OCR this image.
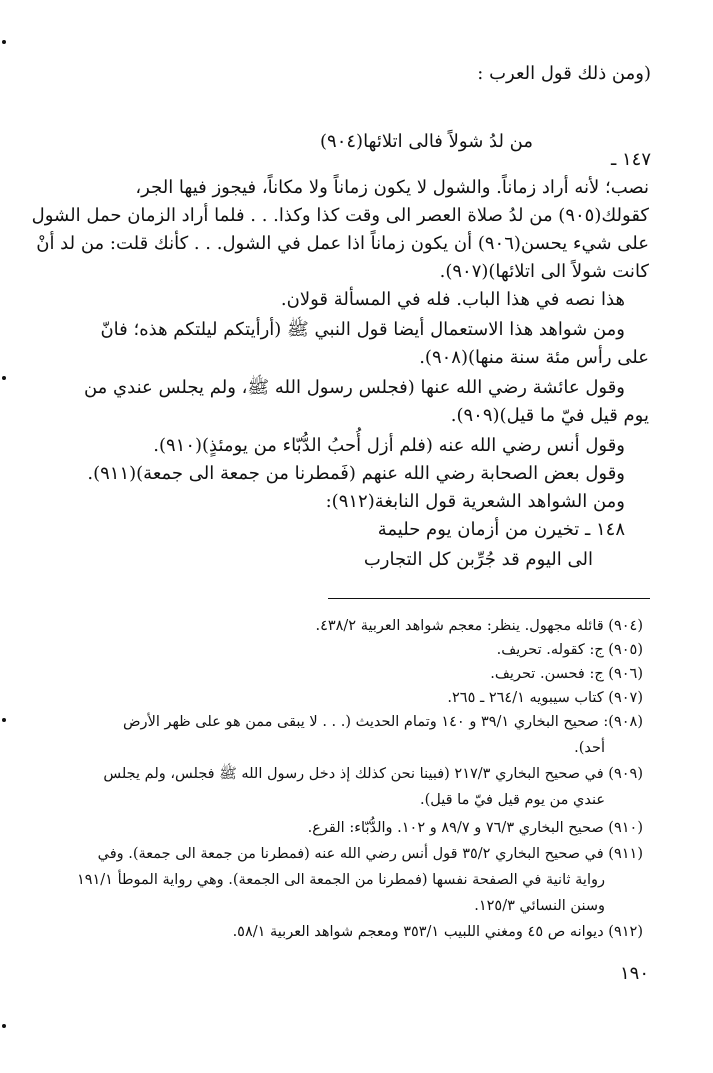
(ومن ذلك قول العرب :
١٤٧ ـ
من لدُ شولاً فالى اتلائها(٩٠٤)
نصب؛ لأنه أراد زماناً. والشول لا يكون زماناً ولا مكاناً، فيجوز فيها الجر،
كقولك(٩٠٥) من لدُ صلاة العصر الى وقت كذا وكذا. . . فلما أراد الزمان حمل الشول
على شيء يحسن(٩٠٦) أن يكون زماناً اذا عمل في الشول. . . كأنك قلت: من لد أنْ
كانت شولاً الى اتلائها)(٩٠٧).
هذا نصه في هذا الباب. فله في المسألة قولان.
ومن شواهد هذا الاستعمال أيضا قول النبي ﷺ (أرأيتكم ليلتكم هذه؛ فانّ
على رأس مئة سنة منها)(٩٠٨).
وقول عائشة رضي الله عنها (فجلس رسول الله ﷺ، ولم يجلس عندي من
يوم قيل فيّ ما قيل)(٩٠٩).
وقول أنس رضي الله عنه (فلم أزل أُحبُ الدُّبّاء من يومئذٍ)(٩١٠).
وقول بعض الصحابة رضي الله عنهم (فَمطرنا من جمعة الى جمعة)(٩١١).
ومن الشواهد الشعرية قول النابغة(٩١٢):
١٤٨ ـ تخيرن من أزمان يوم حليمة
الى اليوم قد جُرِّبن كل التجارب
(٩٠٤) قائله مجهول. ينظر: معجم شواهد العربية ٤٣٨/٢.
(٩٠٥) ج: كقوله. تحريف.
(٩٠٦) ج: فحسن. تحريف.
(٩٠٧) كتاب سيبويه ٢٦٤/١ ـ ٢٦٥.
(٩٠٨): صحيح البخاري ٣٩/١ و ١٤٠ وتمام الحديث (. . . لا يبقى ممن هو على ظهر الأرض
أحد).
(٩٠٩) في صحيح البخاري ٢١٧/٣ (فبينا نحن كذلك إذ دخل رسول الله ﷺ فجلس، ولم يجلس
عندي من يوم قيل فيّ ما قيل).
(٩١٠) صحيح البخاري ٧٦/٣ و ٨٩/٧ و ١٠٢. والدُّبّاء: القرع.
(٩١١) في صحيح البخاري ٣٥/٢ قول أنس رضي الله عنه (فمطرنا من جمعة الى جمعة). وفي
رواية ثانية في الصفحة نفسها (فمطرنا من الجمعة الى الجمعة). وهي رواية الموطأ ١٩١/١
وسنن النسائي ١٢٥/٣.
(٩١٢) ديوانه ص ٤٥ ومغني اللبيب ٣٥٣/١ ومعجم شواهد العربية ٥٨/١.
١٩٠
